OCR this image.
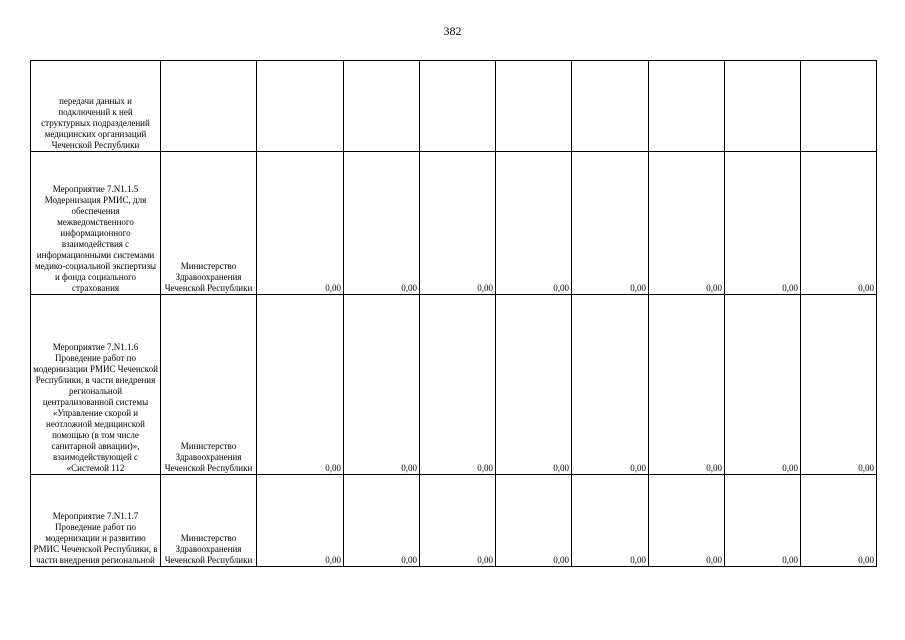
382
передачи данных и подключений к ней структурных подразделений медицинских организаций Чеченской Республики									
Мероприятие 7.N1.1.5 Модернизация РМИС, для обеспечения межведомственного информационного взаимодействия с информационными системами медико-социальной экспертизы и фонда социального страхования	Министерство Здравоохранения Чеченской Республики	0,00	0,00	0,00	0,00	0,00	0,00	0,00	0,00
Мероприятие 7.N1.1.6 Проведение работ по модернизации РМИС Чеченской Республики, в части внедрения региональной централизованной системы «Управление скорой и неотложной медицинской помощью (в том числе санитарной авиации)», взаимодействующей с «Системой 112	Министерство Здравоохранения Чеченской Республики	0,00	0,00	0,00	0,00	0,00	0,00	0,00	0,00
Мероприятие 7.N1.1.7 Проведение работ по модернизации и развитию РМИС Чеченской Республики, в части внедрения региональной	Министерство Здравоохранения Чеченской Республики	0,00	0,00	0,00	0,00	0,00	0,00	0,00	0,00
